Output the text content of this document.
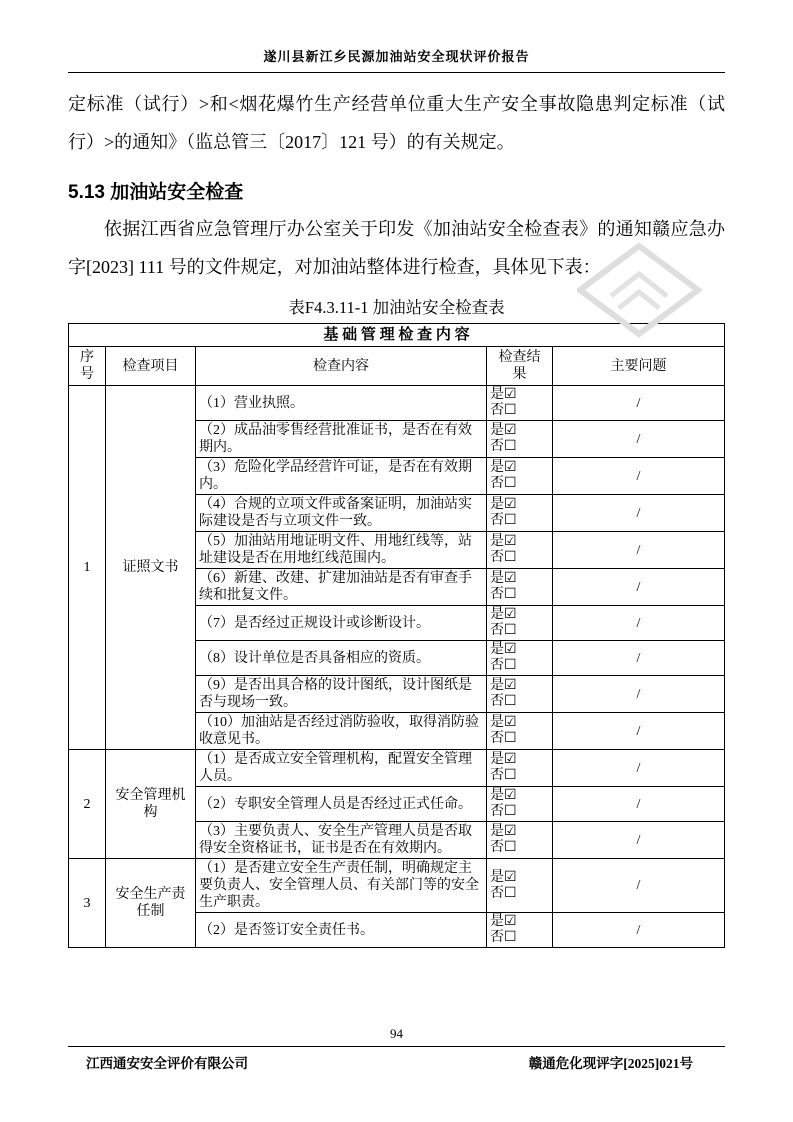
遂川县新江乡民源加油站安全现状评价报告

定标准（试行）>和<烟花爆竹生产经营单位重大生产安全事故隐患判定标准（试行）>的通知》（监总管三〔2017〕121 号）的有关规定。

5.13 加油站安全检查

依据江西省应急管理厅办公室关于印发《加油站安全检查表》的通知赣应急办字[2023] 111 号的文件规定，对加油站整体进行检查，具体见下表：

表F4.3.11-1 加油站安全检查表
基 础 管 理 检 查 内 容				
序号	检查项目	检查内容	检查结果	主要问题
1	证照文书	（1）营业执照。	是☑
否☐	/
		（2）成品油零售经营批准证书，是否在有效期内。	是☑
否☐	/
		（3）危险化学品经营许可证，是否在有效期内。	是☑
否☐	/
		（4）合规的立项文件或备案证明，加油站实际建设是否与立项文件一致。	是☑
否☐	/
		（5）加油站用地证明文件、用地红线等，站址建设是否在用地红线范围内。	是☑
否☐	/
		（6）新建、改建、扩建加油站是否有审查手续和批复文件。	是☑
否☐	/
		（7）是否经过正规设计或诊断设计。	是☑
否☐	/
		（8）设计单位是否具备相应的资质。	是☑
否☐	/
		（9）是否出具合格的设计图纸，设计图纸是否与现场一致。	是☑
否☐	/
		（10）加油站是否经过消防验收，取得消防验收意见书。	是☑
否☐	/
2	安全管理机构	（1）是否成立安全管理机构，配置安全管理人员。	是☑
否☐	/
		（2）专职安全管理人员是否经过正式任命。	是☑
否☐	/
		（3）主要负责人、安全生产管理人员是否取得安全资格证书，证书是否在有效期内。	是☑
否☐	/
3	安全生产责任制	（1）是否建立安全生产责任制，明确规定主要负责人、安全管理人员、有关部门等的安全生产职责。	是☑
否☐	/
		（2）是否签订安全责任书。	是☑
否☐	/
94
江西通安安全评价有限公司	赣通危化现评字[2025]021号
